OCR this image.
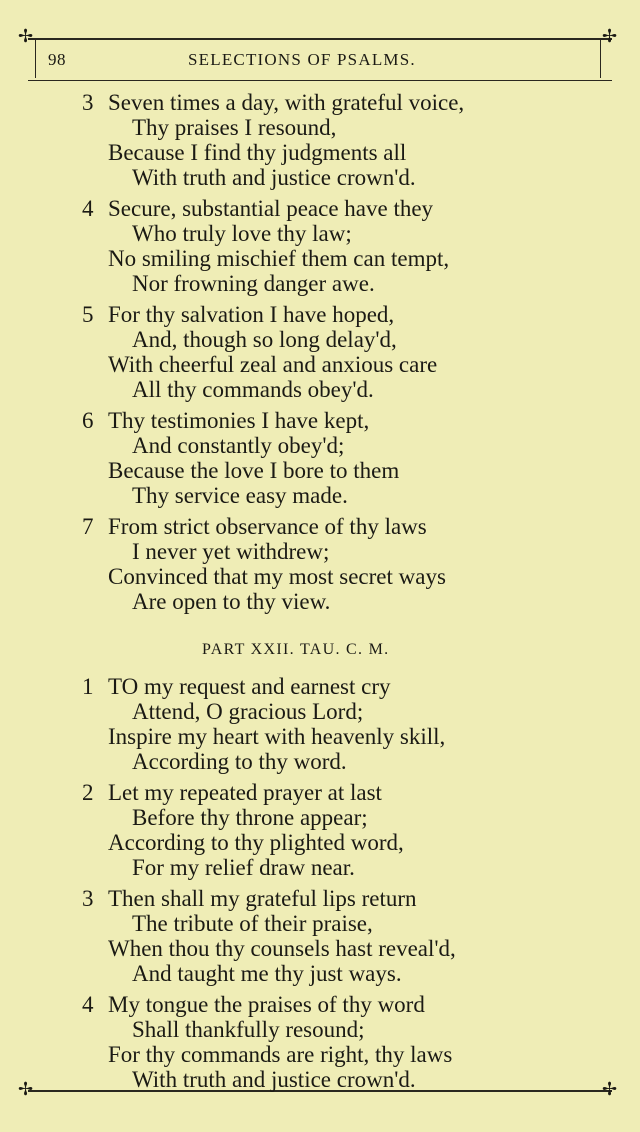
✢	✢
✢	✢
98	SELECTIONS OF PSALMS.
3 Seven times a day, with grateful voice,
Thy praises I resound,
Because I find thy judgments all
With truth and justice crown'd.
4 Secure, substantial peace have they
Who truly love thy law;
No smiling mischief them can tempt,
Nor frowning danger awe.
5 For thy salvation I have hoped,
And, though so long delay'd,
With cheerful zeal and anxious care
All thy commands obey'd.
6 Thy testimonies I have kept,
And constantly obey'd;
Because the love I bore to them
Thy service easy made.
7 From strict observance of thy laws
I never yet withdrew;
Convinced that my most secret ways
Are open to thy view.
PART XXII. TAU. C. M.
1 TO my request and earnest cry
Attend, O gracious Lord;
Inspire my heart with heavenly skill,
According to thy word.
2 Let my repeated prayer at last
Before thy throne appear;
According to thy plighted word,
For my relief draw near.
3 Then shall my grateful lips return
The tribute of their praise,
When thou thy counsels hast reveal'd,
And taught me thy just ways.
4 My tongue the praises of thy word
Shall thankfully resound;
For thy commands are right, thy laws
With truth and justice crown'd.
